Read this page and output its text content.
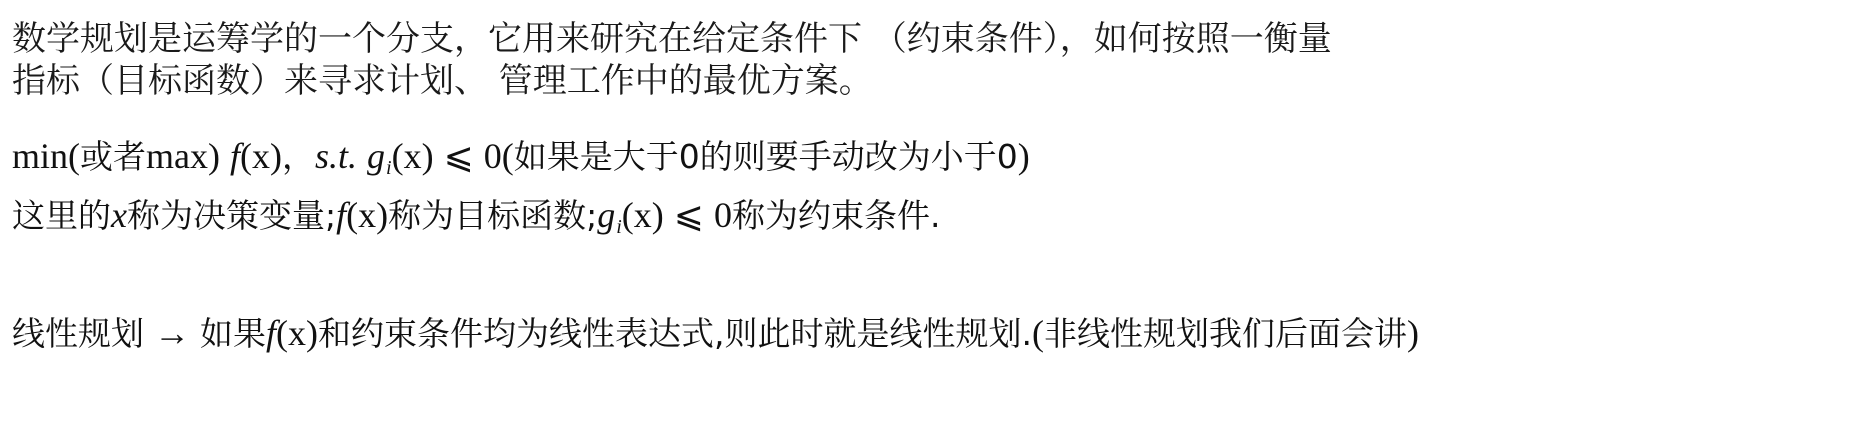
数学规划是运筹学的一个分支，它用来研究在给定条件下 （约束条件），如何按照一衡量
指标（目标函数）来寻求计划、 管理工作中的最优方案。
min(或者max) f(x)，s.t. $g_i(x)$ ⩽ 0(如果是大于0的则要手动改为小于0)
这里的x称为决策变量;f(x)称为目标函数$;g_i(x)$ ⩽ 0称为约束条件.
线性规划 → 如果f(x)和约束条件均为线性表达式,则此时就是线性规划.(非线性规划我们后面会讲)
